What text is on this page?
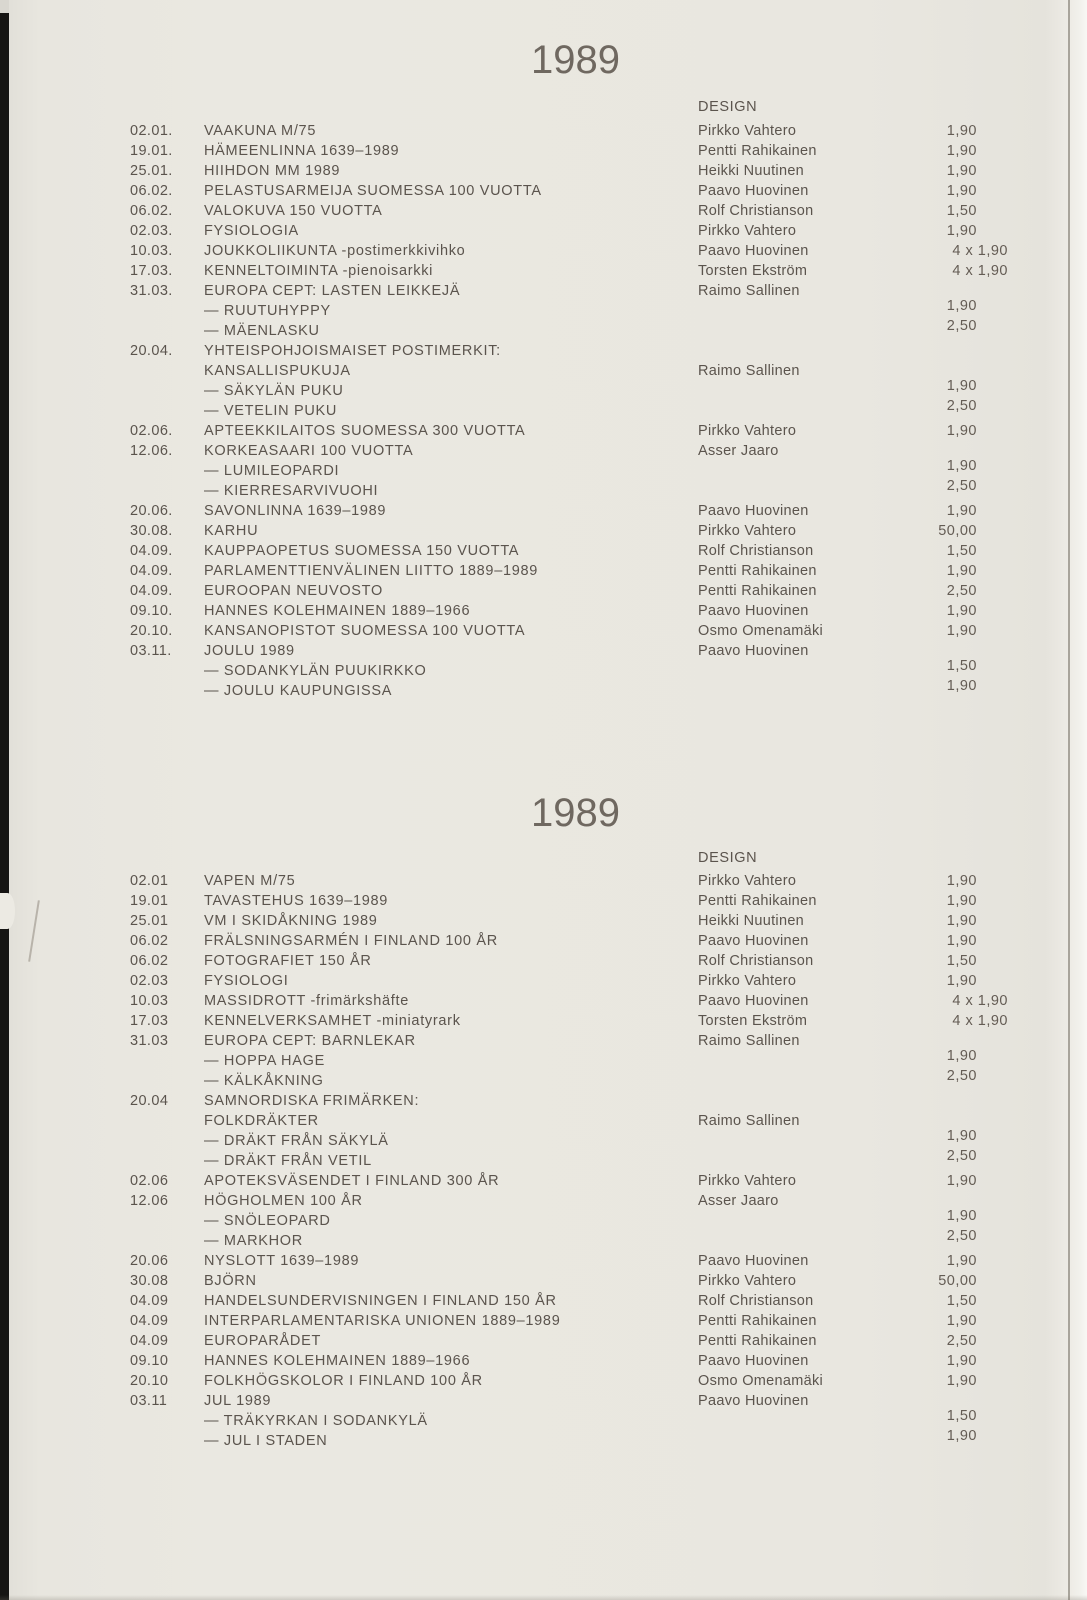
1989
DESIGN
02.01. VAAKUNA M/75	Pirkko Vahtero	1,90
19.01. HÄMEENLINNA 1639–1989	Pentti Rahikainen	1,90
25.01. HIIHDON MM 1989	Heikki Nuutinen	1,90
06.02. PELASTUSARMEIJA SUOMESSA 100 VUOTTA	Paavo Huovinen	1,90
06.02. VALOKUVA 150 VUOTTA	Rolf Christianson	1,50
02.03. FYSIOLOGIA	Pirkko Vahtero	1,90
10.03. JOUKKOLIIKUNTA -postimerkkivihko	Paavo Huovinen	4 x 1,90
17.03. KENNELTOIMINTA -pienoisarkki	Torsten Ekström	4 x 1,90
31.03. EUROPA CEPT: LASTEN LEIKKEJÄ	Raimo Sallinen
— RUUTUHYPPY	1,90
— MÄENLASKU	2,50
20.04. YHTEISPOHJOISMAISET POSTIMERKIT:
KANSALLISPUKUJA	Raimo Sallinen
— SÄKYLÄN PUKU	1,90
— VETELIN PUKU	2,50
02.06. APTEEKKILAITOS SUOMESSA 300 VUOTTA	Pirkko Vahtero	1,90
12.06. KORKEASAARI 100 VUOTTA	Asser Jaaro
— LUMILEOPARDI	1,90
— KIERRESARVIVUOHI	2,50
20.06. SAVONLINNA 1639–1989	Paavo Huovinen	1,90
30.08. KARHU	Pirkko Vahtero	50,00
04.09. KAUPPAOPETUS SUOMESSA 150 VUOTTA	Rolf Christianson	1,50
04.09. PARLAMENTTIENVÄLINEN LIITTO 1889–1989	Pentti Rahikainen	1,90
04.09. EUROOPAN NEUVOSTO	Pentti Rahikainen	2,50
09.10. HANNES KOLEHMAINEN 1889–1966	Paavo Huovinen	1,90
20.10. KANSANOPISTOT SUOMESSA 100 VUOTTA	Osmo Omenamäki	1,90
03.11. JOULU 1989	Paavo Huovinen
— SODANKYLÄN PUUKIRKKO	1,50
— JOULU KAUPUNGISSA	1,90
1989
DESIGN
02.01 VAPEN M/75	Pirkko Vahtero	1,90
19.01 TAVASTEHUS 1639–1989	Pentti Rahikainen	1,90
25.01 VM I SKIDÅKNING 1989	Heikki Nuutinen	1,90
06.02 FRÄLSNINGSARMÉN I FINLAND 100 ÅR	Paavo Huovinen	1,90
06.02 FOTOGRAFIET 150 ÅR	Rolf Christianson	1,50
02.03 FYSIOLOGI	Pirkko Vahtero	1,90
10.03 MASSIDROTT -frimärkshäfte	Paavo Huovinen	4 x 1,90
17.03 KENNELVERKSAMHET -miniatyrark	Torsten Ekström	4 x 1,90
31.03 EUROPA CEPT: BARNLEKAR	Raimo Sallinen
— HOPPA HAGE	1,90
— KÄLKÅKNING	2,50
20.04 SAMNORDISKA FRIMÄRKEN:
FOLKDRÄKTER	Raimo Sallinen
— DRÄKT FRÅN SÄKYLÄ	1,90
— DRÄKT FRÅN VETIL	2,50
02.06 APOTEKSVÄSENDET I FINLAND 300 ÅR	Pirkko Vahtero	1,90
12.06 HÖGHOLMEN 100 ÅR	Asser Jaaro
— SNÖLEOPARD	1,90
— MARKHOR	2,50
20.06 NYSLOTT 1639–1989	Paavo Huovinen	1,90
30.08 BJÖRN	Pirkko Vahtero	50,00
04.09 HANDELSUNDERVISNINGEN I FINLAND 150 ÅR	Rolf Christianson	1,50
04.09 INTERPARLAMENTARISKA UNIONEN 1889–1989	Pentti Rahikainen	1,90
04.09 EUROPARÅDET	Pentti Rahikainen	2,50
09.10 HANNES KOLEHMAINEN 1889–1966	Paavo Huovinen	1,90
20.10 FOLKHÖGSKOLOR I FINLAND 100 ÅR	Osmo Omenamäki	1,90
03.11	JUL 1989	Paavo Huovinen
— TRÄKYRKAN I SODANKYLÄ	1,50
— JUL I STADEN	1,90
